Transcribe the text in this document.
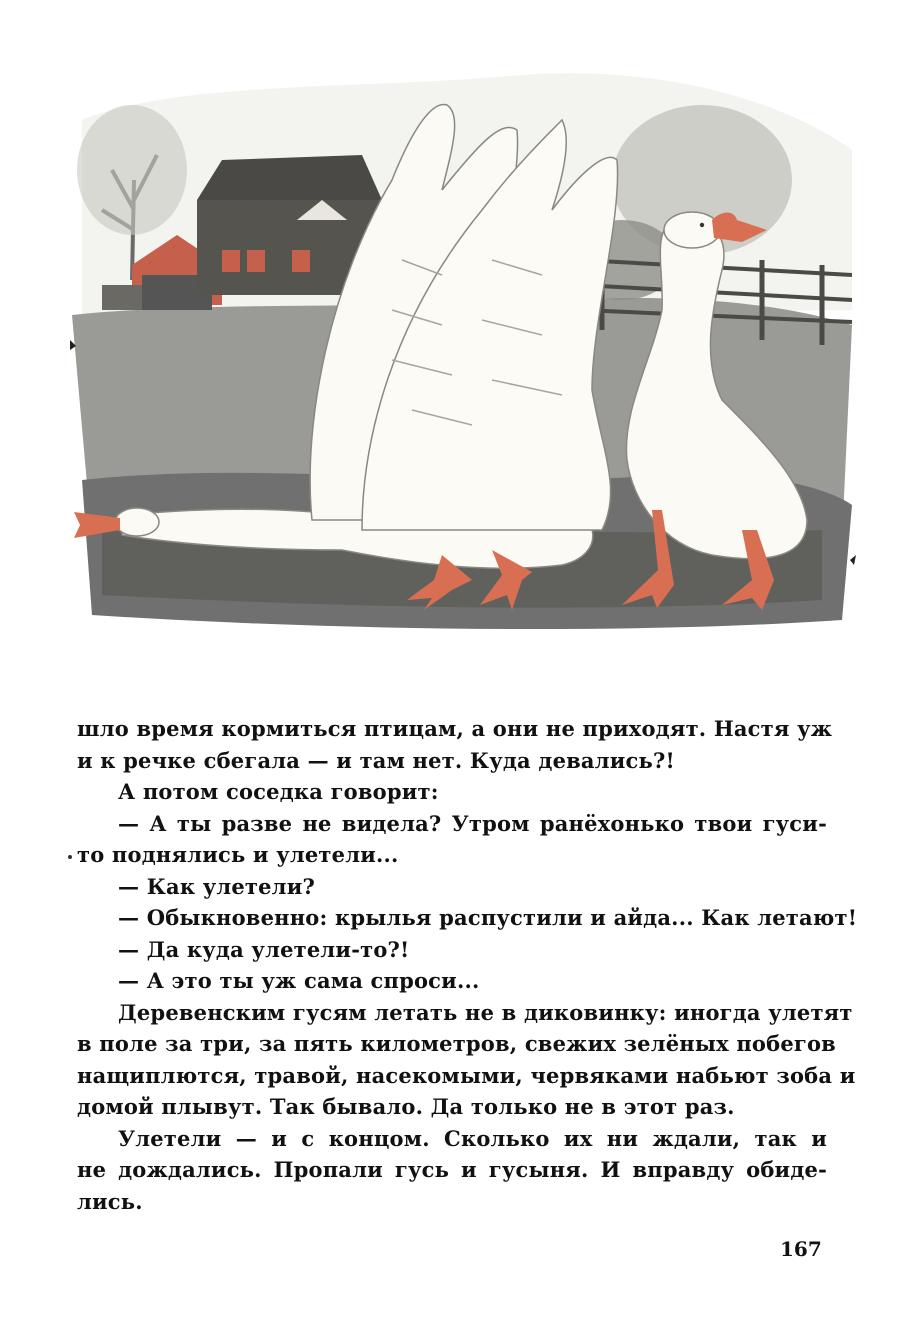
шло время кормиться птицам, а они не приходят. Настя уж
и к речке сбегала — и там нет. Куда девались?!
А потом соседка говорит:
— А ты разве не видела? Утром ранёхонько твои гуси-
то поднялись и улетели...
— Как улетели?
— Обыкновенно: крылья распустили и айда... Как летают!
— Да куда улетели-то?!
— А это ты уж сама спроси...
Деревенским гусям летать не в диковинку: иногда улетят
в поле за три, за пять километров, свежих зелёных побегов
нащиплются, травой, насекомыми, червяками набьют зоба и
домой плывут. Так бывало. Да только не в этот раз.
Улетели — и с концом. Сколько их ни ждали, так и
не дождались. Пропали гусь и гусыня. И вправду обиде-
лись.
167
